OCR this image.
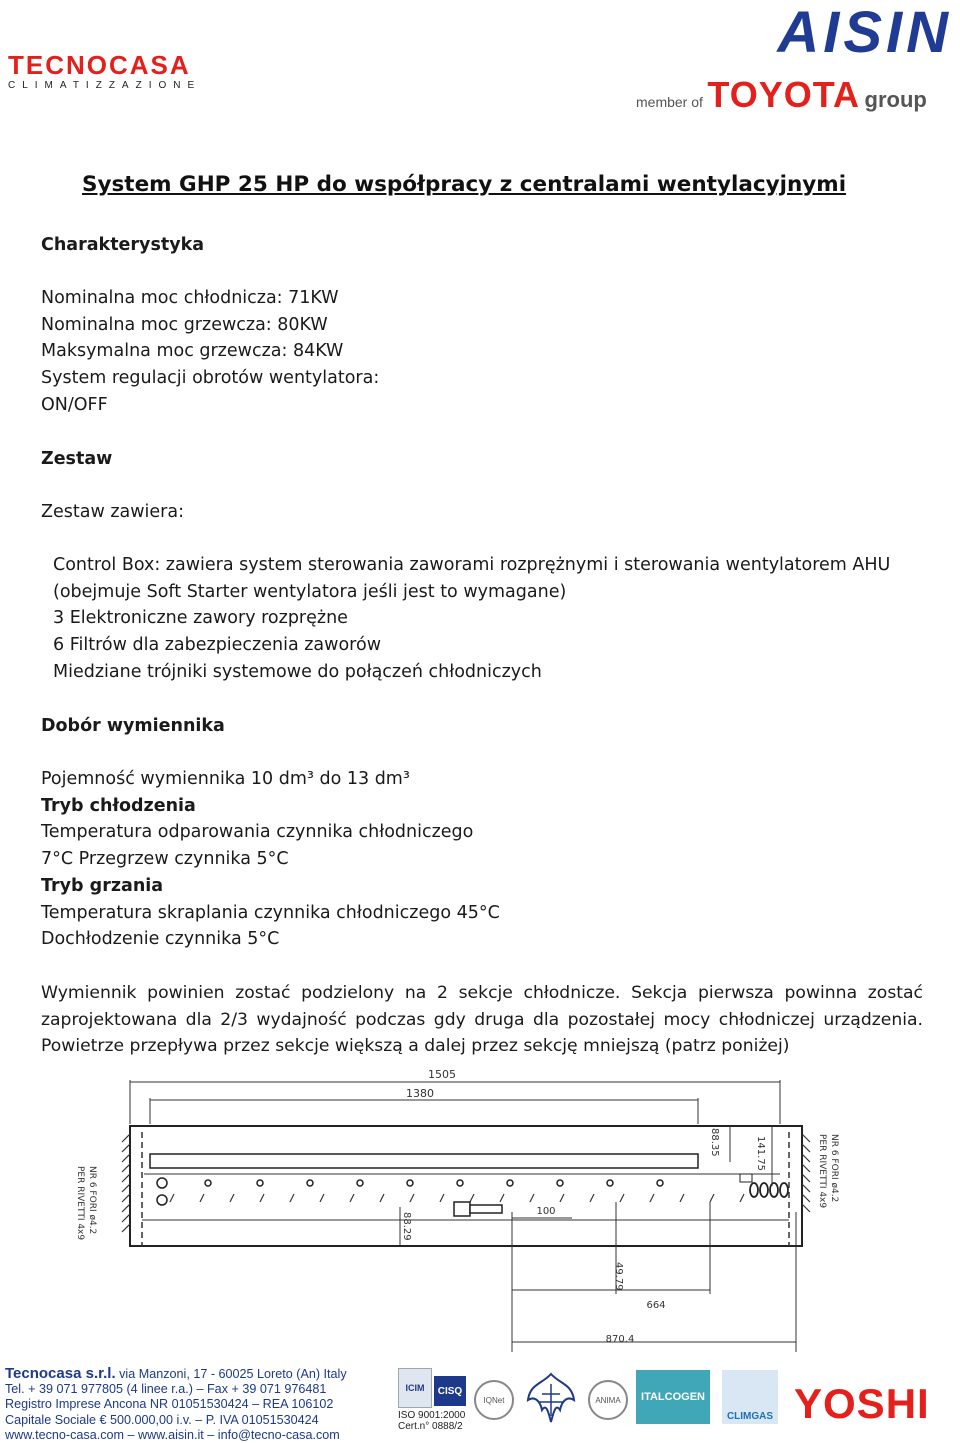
TECNOCASA
CLIMATIZZAZIONE
AISIN
member of TOYOTA group
System GHP 25 HP do współpracy z centralami wentylacyjnymi
Charakterystyka
Nominalna moc chłodnicza: 71KW
Nominalna moc grzewcza: 80KW
Maksymalna moc grzewcza: 84KW
System regulacji obrotów wentylatora:
ON/OFF
Zestaw
Zestaw zawiera:
Control Box: zawiera system sterowania zaworami rozprężnymi i sterowania wentylatorem AHU
(obejmuje Soft Starter wentylatora jeśli jest to wymagane)
3 Elektroniczne zawory rozprężne
6 Filtrów dla zabezpieczenia zaworów
Miedziane trójniki systemowe do połączeń chłodniczych
Dobór wymiennika
Pojemność wymiennika 10 dm³ do 13 dm³
Tryb chłodzenia
Temperatura odparowania czynnika chłodniczego
7°C Przegrzew czynnika 5°C
Tryb grzania
Temperatura skraplania czynnika chłodniczego 45°C
Dochłodzenie czynnika 5°C
Wymiennik powinien zostać podzielony na 2 sekcje chłodnicze. Sekcja pierwsza powinna zostać
zaprojektowana dla 2/3 wydajność podczas gdy druga dla pozostałej mocy chłodniczej urządzenia.
Powietrze przepływa przez sekcje większą a dalej przez sekcję mniejszą (patrz poniżej)
1505
1380
100
664
870.4
49.79
88.35	141.75
88.29
NR 6 FORI ø4.2
PER RIVETTI 4x9
NR 6 FORI ø4.2
PER RIVETTI 4x9
Tecnocasa s.r.l. via Manzoni, 17 - 60025 Loreto (An) Italy
Tel. + 39 071 977805 (4 linee r.a.) – Fax + 39 071 976481
Registro Imprese Ancona NR 01051530424 – REA 106102
Capitale Sociale € 500.000,00 i.v. – P. IVA 01051530424
www.tecno-casa.com – www.aisin.it – info@tecno-casa.com
ICIM	CISQ
IQNet	ANIMA	ITALCOGEN
CLIMGAS
ISO 9001:2000
Cert.n° 0888/2	YOSHI
